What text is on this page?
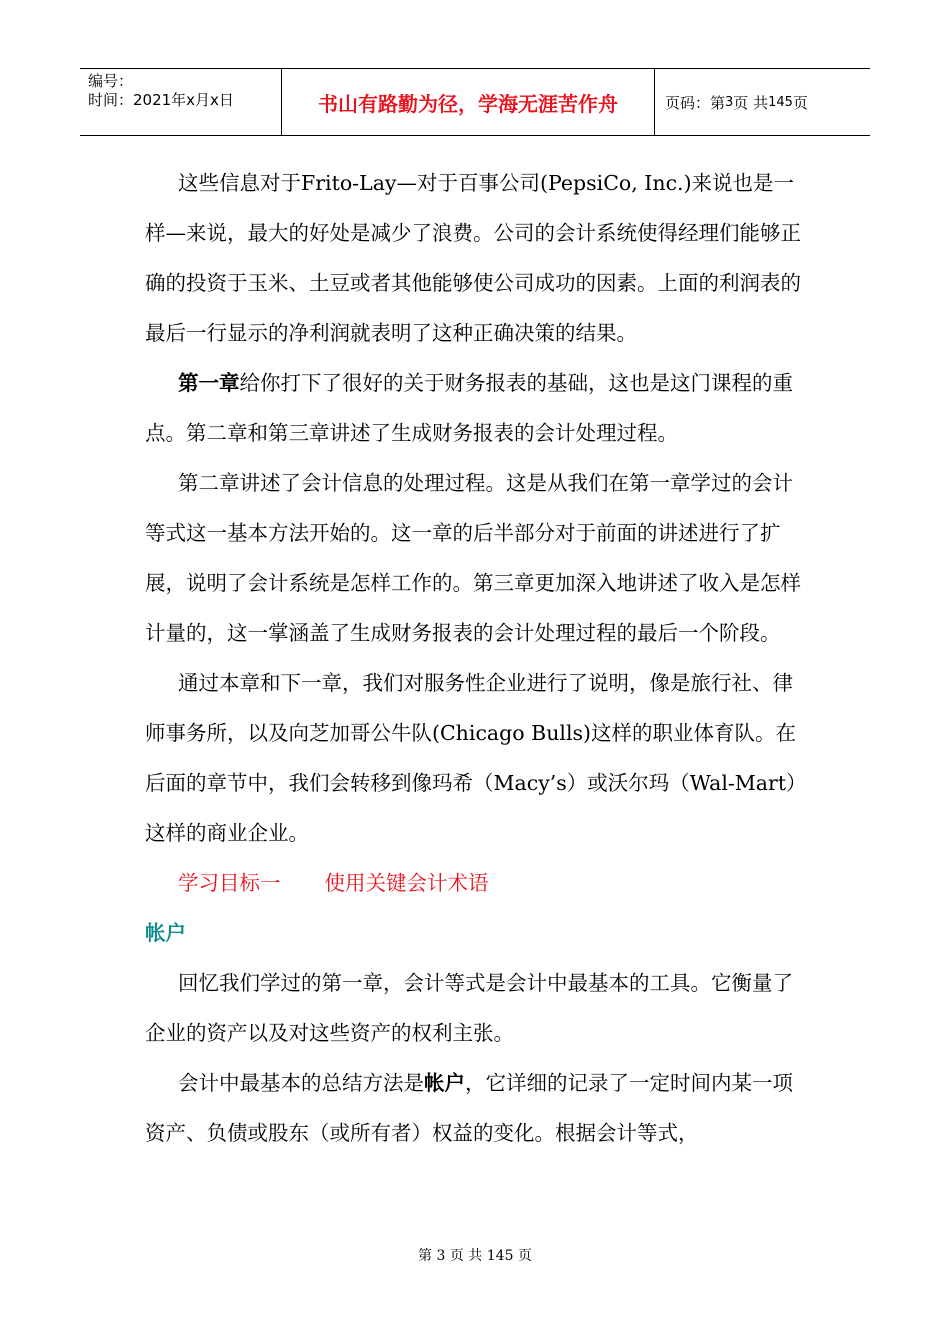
编号：
时间：2021年x月x日	书山有路勤为径，学海无涯苦作舟	页码：第 3 页 共 145 页

这些信息对于Frito-Lay—对于百事公司(PepsiCo, Inc.)来说也是一样—来说，最大的好处是减少了浪费。公司的会计系统使得经理们能够正确的投资于玉米、土豆或者其他能够使公司成功的因素。上面的利润表的最后一行显示的净利润就表明了这种正确决策的结果。

第一章给你打下了很好的关于财务报表的基础，这也是这门课程的重点。第二章和第三章讲述了生成财务报表的会计处理过程。

第二章讲述了会计信息的处理过程。这是从我们在第一章学过的会计等式这一基本方法开始的。这一章的后半部分对于前面的讲述进行了扩展，说明了会计系统是怎样工作的。第三章更加深入地讲述了收入是怎样计量的，这一掌涵盖了生成财务报表的会计处理过程的最后一个阶段。

通过本章和下一章，我们对服务性企业进行了说明，像是旅行社、律师事务所，以及向芝加哥公牛队(Chicago Bulls)这样的职业体育队。在后面的章节中，我们会转移到像玛希（Macy’s）或沃尔玛（Wal-Mart）这样的商业企业。

学习目标一 使用关键会计术语

帐户

回忆我们学过的第一章，会计等式是会计中最基本的工具。它衡量了企业的资产以及对这些资产的权利主张。

会计中最基本的总结方法是帐户，它详细的记录了一定时间内某一项资产、负债或股东（或所有者）权益的变化。根据会计等式，

第 3 页 共 145 页
